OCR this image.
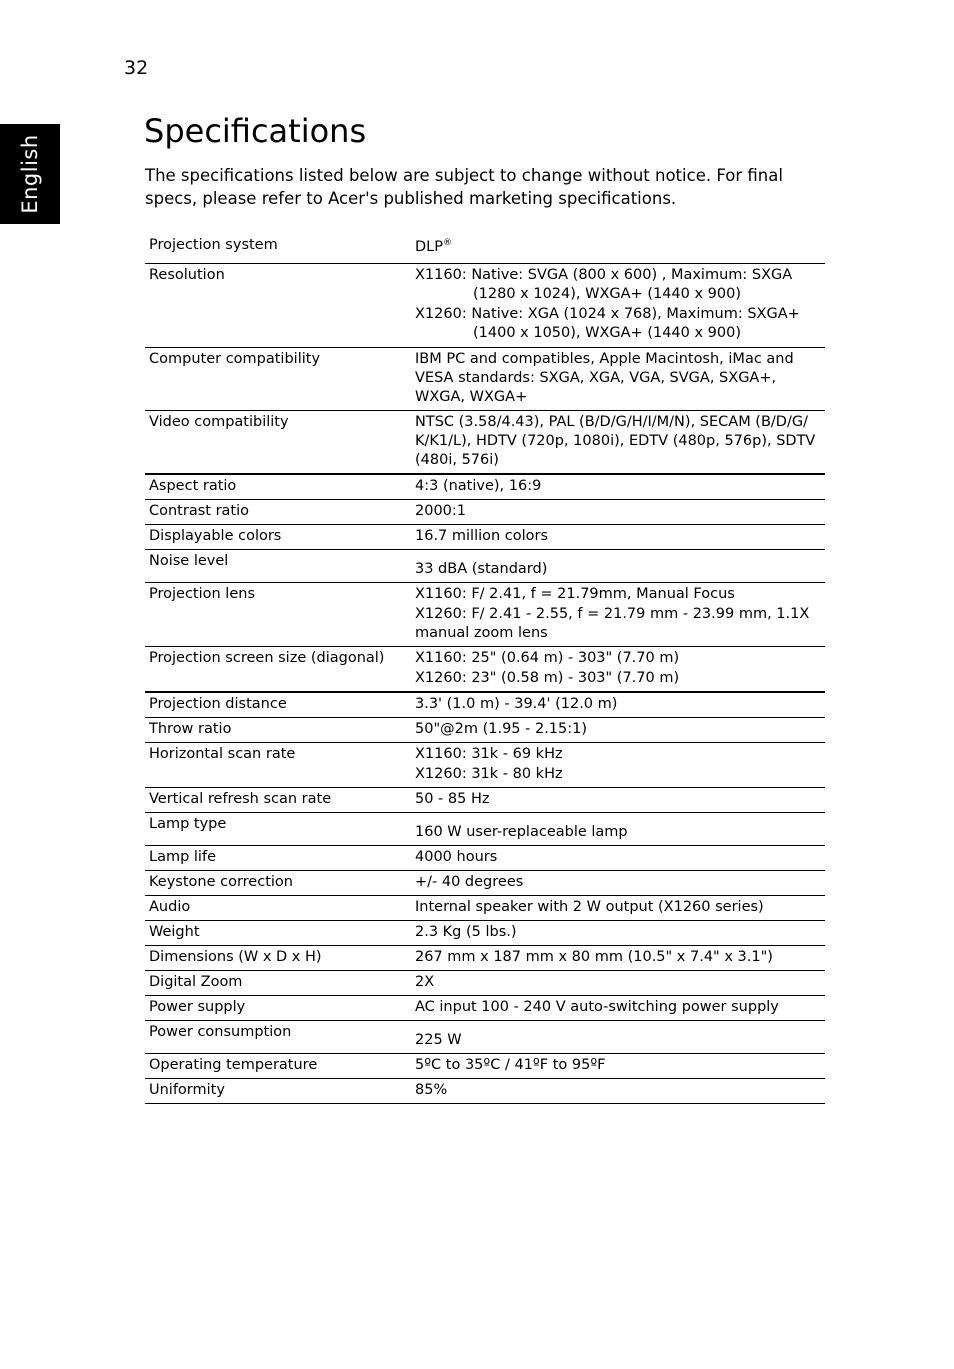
32
English
Specifications

The specifications listed below are subject to change without notice. For final specs, please refer to Acer's published marketing specifications.

Projection system	DLP®
Resolution	X1160: Native: SVGA (800 x 600) , Maximum: SXGA (1280 x 1024), WXGA+ (1440 x 900)
X1260: Native: XGA (1024 x 768), Maximum: SXGA+ (1400 x 1050), WXGA+ (1440 x 900)

Computer compatibility	IBM PC and compatibles, Apple Macintosh, iMac and VESA standards: SXGA, XGA, VGA, SVGA, SXGA+, WXGA, WXGA+
Video compatibility	NTSC (3.58/4.43), PAL (B/D/G/H/I/M/N), SECAM (B/D/G/ K/K1/L), HDTV (720p, 1080i), EDTV (480p, 576p), SDTV (480i, 576i)
Aspect ratio	4:3 (native), 16:9
Contrast ratio	2000:1
Displayable colors	16.7 million colors
Noise level	33 dBA (standard)
Projection lens	X1160: F/ 2.41, f = 21.79mm, Manual Focus
X1260: F/ 2.41 - 2.55, f = 21.79 mm - 23.99 mm, 1.1X manual zoom lens

Projection screen size (diagonal)	X1160: 25" (0.64 m) - 303" (7.70 m)
X1260: 23" (0.58 m) - 303" (7.70 m)

Projection distance	3.3' (1.0 m) - 39.4' (12.0 m)
Throw ratio	50"@2m (1.95 - 2.15:1)
Horizontal scan rate	X1160: 31k - 69 kHz
X1260: 31k - 80 kHz

Vertical refresh scan rate	50 - 85 Hz
Lamp type	160 W user-replaceable lamp
Lamp life	4000 hours
Keystone correction	+/- 40 degrees
Audio	Internal speaker with 2 W output (X1260 series)
Weight	2.3 Kg (5 lbs.)
Dimensions (W x D x H)	267 mm x 187 mm x 80 mm (10.5" x 7.4" x 3.1")
Digital Zoom	2X
Power supply	AC input 100 - 240 V auto-switching power supply
Power consumption	225 W
Operating temperature	5ºC to 35ºC / 41ºF to 95ºF
Uniformity	85%
